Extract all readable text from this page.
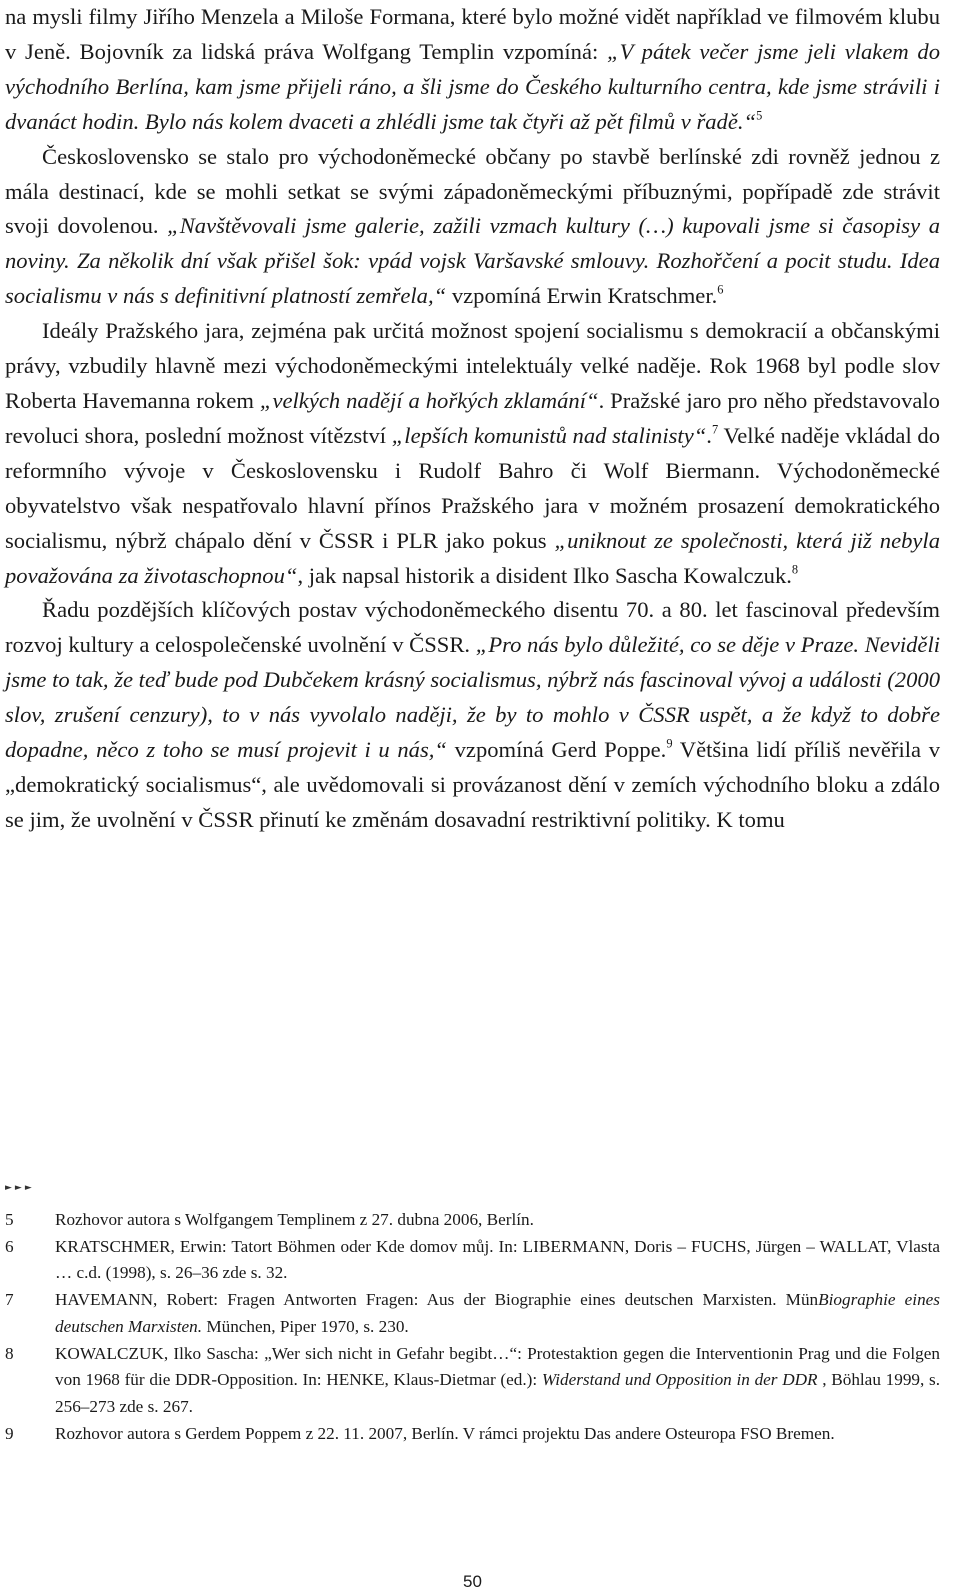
na mysli filmy Jiřího Menzela a Miloše Formana, které bylo možné vidět například ve filmovém klubu v Jeně. Bojovník za lidská práva Wolfgang Templin vzpomíná: „V pátek večer jsme jeli vlakem do východního Berlína, kam jsme přijeli ráno, a šli jsme do Českého kulturního centra, kde jsme strávili i dvanáct hodin. Bylo nás kolem dvaceti a zhlédli jsme tak čtyři až pět filmů v řadě.“$^5$

Československo se stalo pro východoněmecké občany po stavbě berlínské zdi rovněž jednou z mála destinací, kde se mohli setkat se svými západoněmeckými příbuznými, popřípadě zde strávit svoji dovolenou. „Navštěvovali jsme galerie, zažili vzmach kultury (…) kupovali jsme si časopisy a noviny. Za několik dní však přišel šok: vpád vojsk Varšavské smlouvy. Rozhořčení a pocit studu. Idea socialismu v nás s definitivní platností zemřela,“ vzpomíná Erwin Kratschmer.$^6$

Ideály Pražského jara, zejména pak určitá možnost spojení socialismu s demokracií a občanskými právy, vzbudily hlavně mezi východoněmeckými intelektuály velké naděje. Rok 1968 byl podle slov Roberta Havemanna rokem „velkých nadějí a hořkých zklamání“. Pražské jaro pro něho představovalo revoluci shora, poslední možnost vítězství „lepších komunistů nad stalinisty“.$^7$ Velké naděje vkládal do reformního vývoje v Československu i Rudolf Bahro či Wolf Biermann. Východoněmecké obyvatelstvo však nespatřovalo hlavní přínos Pražského jara v možném prosazení demokratického socialismu, nýbrž chápalo dění v ČSSR i PLR jako pokus „uniknout ze společnosti, která již nebyla považována za životaschopnou“, jak napsal historik a disident Ilko Sascha Kowalczuk.$^8$

Řadu pozdějších klíčových postav východoněmeckého disentu 70. a 80. let fascinoval především rozvoj kultury a celospolečenské uvolnění v ČSSR. „Pro nás bylo důležité, co se děje v Praze. Neviděli jsme to tak, že teď bude pod Dubčekem krásný socialismus, nýbrž nás fascinoval vývoj a události (2000 slov, zrušení cenzury), to v nás vyvolalo naději, že by to mohlo v ČSSR uspět, a že když to dobře dopadne, něco z toho se musí projevit i u nás,“ vzpomíná Gerd Poppe.$^9$ Většina lidí příliš nevěřila v „demokratický socialismus“, ale uvědomovali si provázanost dění v zemích východního bloku a zdálo se jim, že uvolnění v ČSSR přinutí ke změnám dosavadní restriktivní politiky. K tomu

►►►
5	Rozhovor autora s Wolfgangem Templinem z 27. dubna 2006, Berlín.
6	KRATSCHMER, Erwin: Tatort Böhmen oder Kde domov můj. In: LIBERMANN, Doris – FUCHS, Jürgen – WALLAT, Vlasta … c.d. (1998), s. 26–36 zde s. 32.
7	HAVEMANN, Robert: Fragen Antworten Fragen: Aus der Biographie eines deutschen Marxisten. MünBiographie eines deutschen Marxisten. München, Piper 1970, s. 230.
8	KOWALCZUK, Ilko Sascha: „Wer sich nicht in Gefahr begibt…“: Protestaktion gegen die Interventionin Prag und die Folgen von 1968 für die DDR-Opposition. In: HENKE, Klaus-Dietmar (ed.): Widerstand und Opposition in der DDR , Böhlau 1999, s. 256–273 zde s. 267.
9	Rozhovor autora s Gerdem Poppem z 22. 11. 2007, Berlín. V rámci projektu Das andere Osteuropa FSO Bremen.
50
